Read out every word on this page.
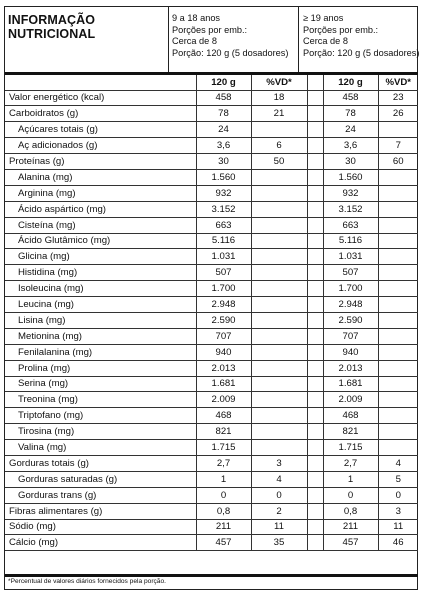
INFORMAÇÃO
NUTRICIONAL
9 a 18 anos
Porções por emb.:
Cerca de 8
Porção: 120 g (5 dosadores)
≥ 19 anos
Porções por emb.:
Cerca de 8
Porção: 120 g (5 dosadores)
	120 g	%VD*		120 g	%VD*
Valor energético (kcal)	458	18		458	23
Carboidratos (g)	78	21		78	26
Açúcares totais (g)	24			24	
Aç adicionados (g)	3,6	6		3,6	7
Proteínas (g)	30	50		30	60
Alanina (mg)	1.560			1.560	
Arginina (mg)	932			932	
Ácido aspártico (mg)	3.152			3.152	
Cisteína (mg)	663			663	
Ácido Glutâmico (mg)	5.116			5.116	
Glicina (mg)	1.031			1.031	
Histidina (mg)	507			507	
Isoleucina (mg)	1.700			1.700	
Leucina (mg)	2.948			2.948	
Lisina (mg)	2.590			2.590	
Metionina (mg)	707			707	
Fenilalanina (mg)	940			940	
Prolina (mg)	2.013			2.013	
Serina (mg)	1.681			1.681	
Treonina (mg)	2.009			2.009	
Triptofano (mg)	468			468	
Tirosina (mg)	821			821	
Valina (mg)	1.715			1.715	
Gorduras totais (g)	2,7	3		2,7	4
Gorduras saturadas (g)	1	4		1	5
Gorduras trans (g)	0	0		0	0
Fibras alimentares (g)	0,8	2		0,8	3
Sódio (mg)	211	11		211	11
Cálcio (mg)	457	35		457	46
*Percentual de valores diários fornecidos pela porção.
